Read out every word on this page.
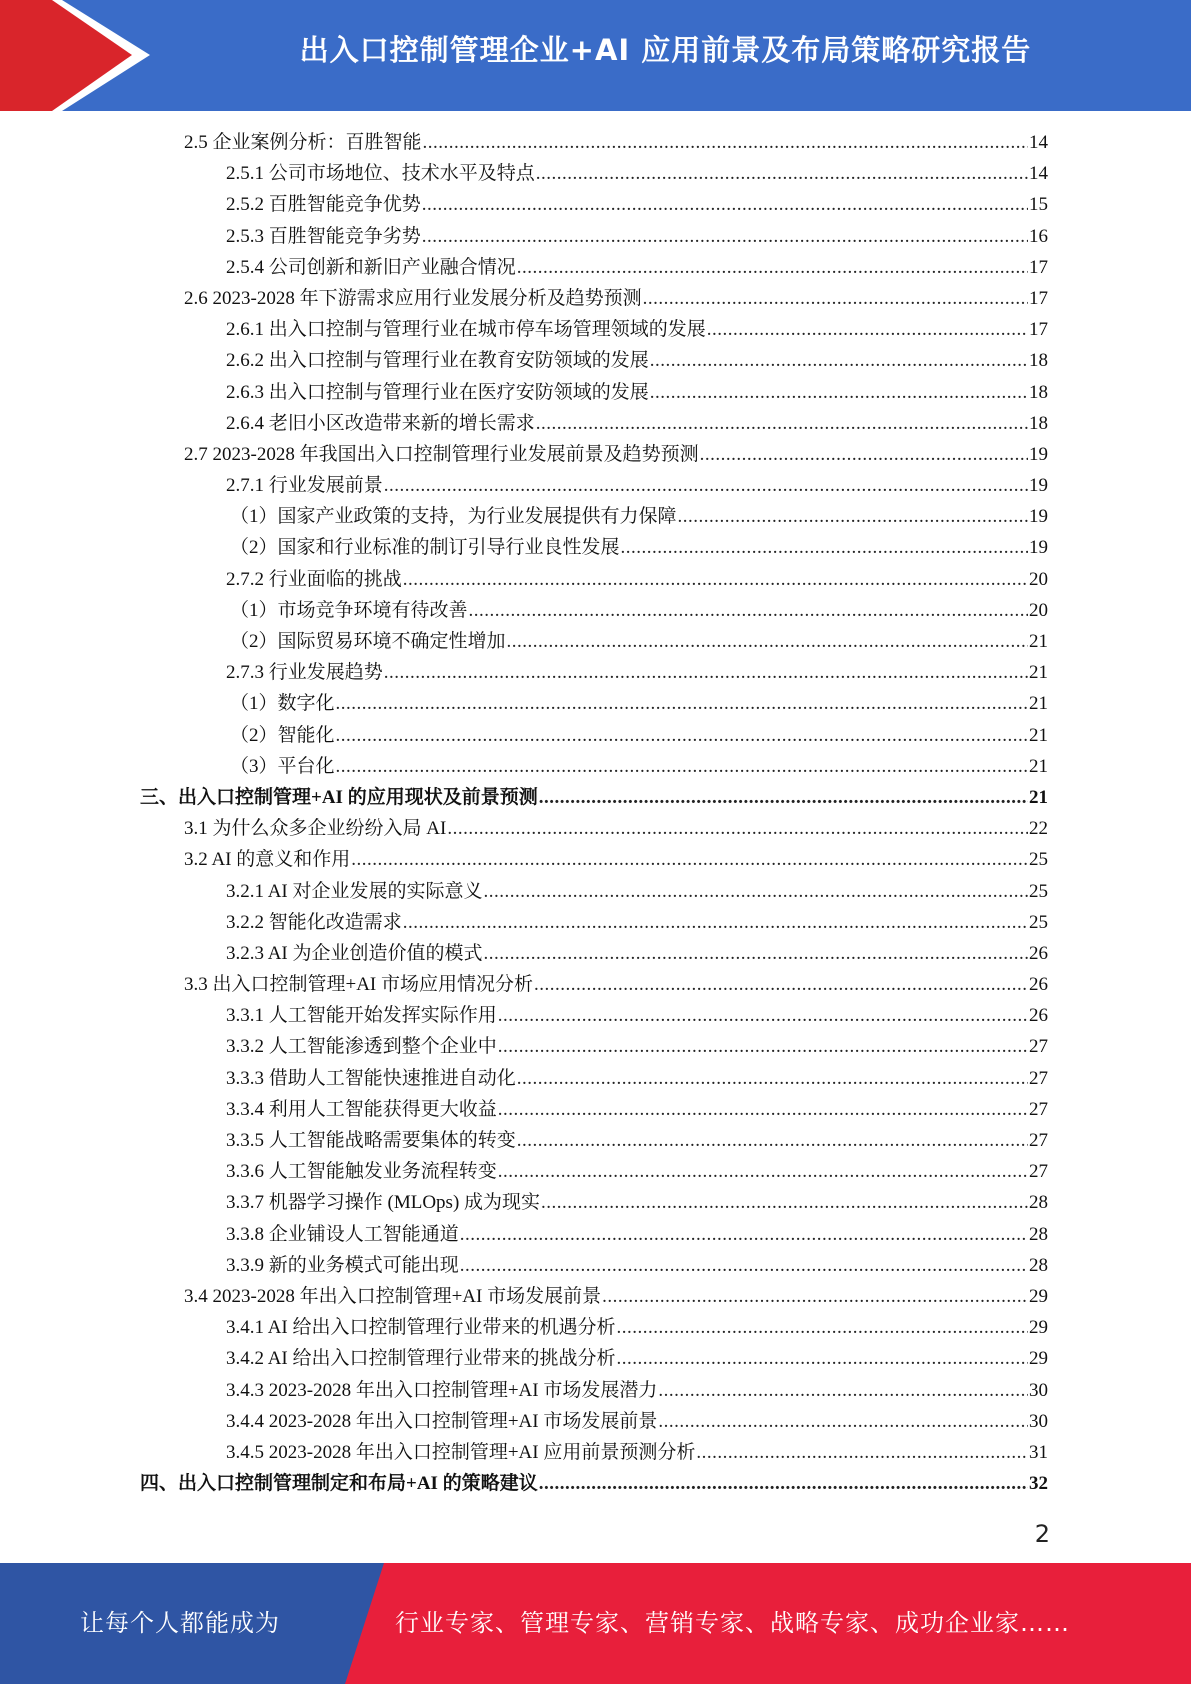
出入口控制管理企业+AI 应用前景及布局策略研究报告
2.5 企业案例分析：百胜智能 .....	14
2.5.1 公司市场地位、技术水平及特点 .....	14
2.5.2 百胜智能竞争优势 .....	15
2.5.3 百胜智能竞争劣势 .....	16
2.5.4 公司创新和新旧产业融合情况 .....	17
2.6 2023-2028 年下游需求应用行业发展分析及趋势预测 .....	17
2.6.1 出入口控制与管理行业在城市停车场管理领域的发展 .....	17
2.6.2 出入口控制与管理行业在教育安防领域的发展 .....	18
2.6.3 出入口控制与管理行业在医疗安防领域的发展 .....	18
2.6.4 老旧小区改造带来新的增长需求 .....	18
2.7 2023-2028 年我国出入口控制管理行业发展前景及趋势预测 .....	19
2.7.1 行业发展前景 .....	19
（1）国家产业政策的支持，为行业发展提供有力保障 .....	19
（2）国家和行业标准的制订引导行业良性发展 .....	19
2.7.2 行业面临的挑战 .....	20
（1）市场竞争环境有待改善 .....	20
（2）国际贸易环境不确定性增加 .....	21
2.7.3 行业发展趋势 .....	21
（1）数字化 .....	21
（2）智能化 .....	21
（3）平台化 .....	21
三、出入口控制管理+AI 的应用现状及前景预测 .....	21
3.1 为什么众多企业纷纷入局 AI .....	22
3.2 AI 的意义和作用 .....	25
3.2.1 AI 对企业发展的实际意义 .....	25
3.2.2 智能化改造需求 .....	25
3.2.3 AI 为企业创造价值的模式 .....	26
3.3 出入口控制管理+AI 市场应用情况分析 .....	26
3.3.1 人工智能开始发挥实际作用 .....	26
3.3.2 人工智能渗透到整个企业中 .....	27
3.3.3 借助人工智能快速推进自动化 .....	27
3.3.4 利用人工智能获得更大收益 .....	27
3.3.5 人工智能战略需要集体的转变 .....	27
3.3.6 人工智能触发业务流程转变 .....	27
3.3.7 机器学习操作 (MLOps) 成为现实 .....	28
3.3.8 企业铺设人工智能通道 .....	28
3.3.9 新的业务模式可能出现 .....	28
3.4 2023-2028 年出入口控制管理+AI 市场发展前景 .....	29
3.4.1 AI 给出入口控制管理行业带来的机遇分析 .....	29
3.4.2 AI 给出入口控制管理行业带来的挑战分析 .....	29
3.4.3 2023-2028 年出入口控制管理+AI 市场发展潜力 .....	30
3.4.4 2023-2028 年出入口控制管理+AI 市场发展前景 .....	30
3.4.5 2023-2028 年出入口控制管理+AI 应用前景预测分析 .....	31
四、出入口控制管理制定和布局+AI 的策略建议 .....	32
2
让每个人都能成为	行业专家、管理专家、营销专家、战略专家、成功企业家……
